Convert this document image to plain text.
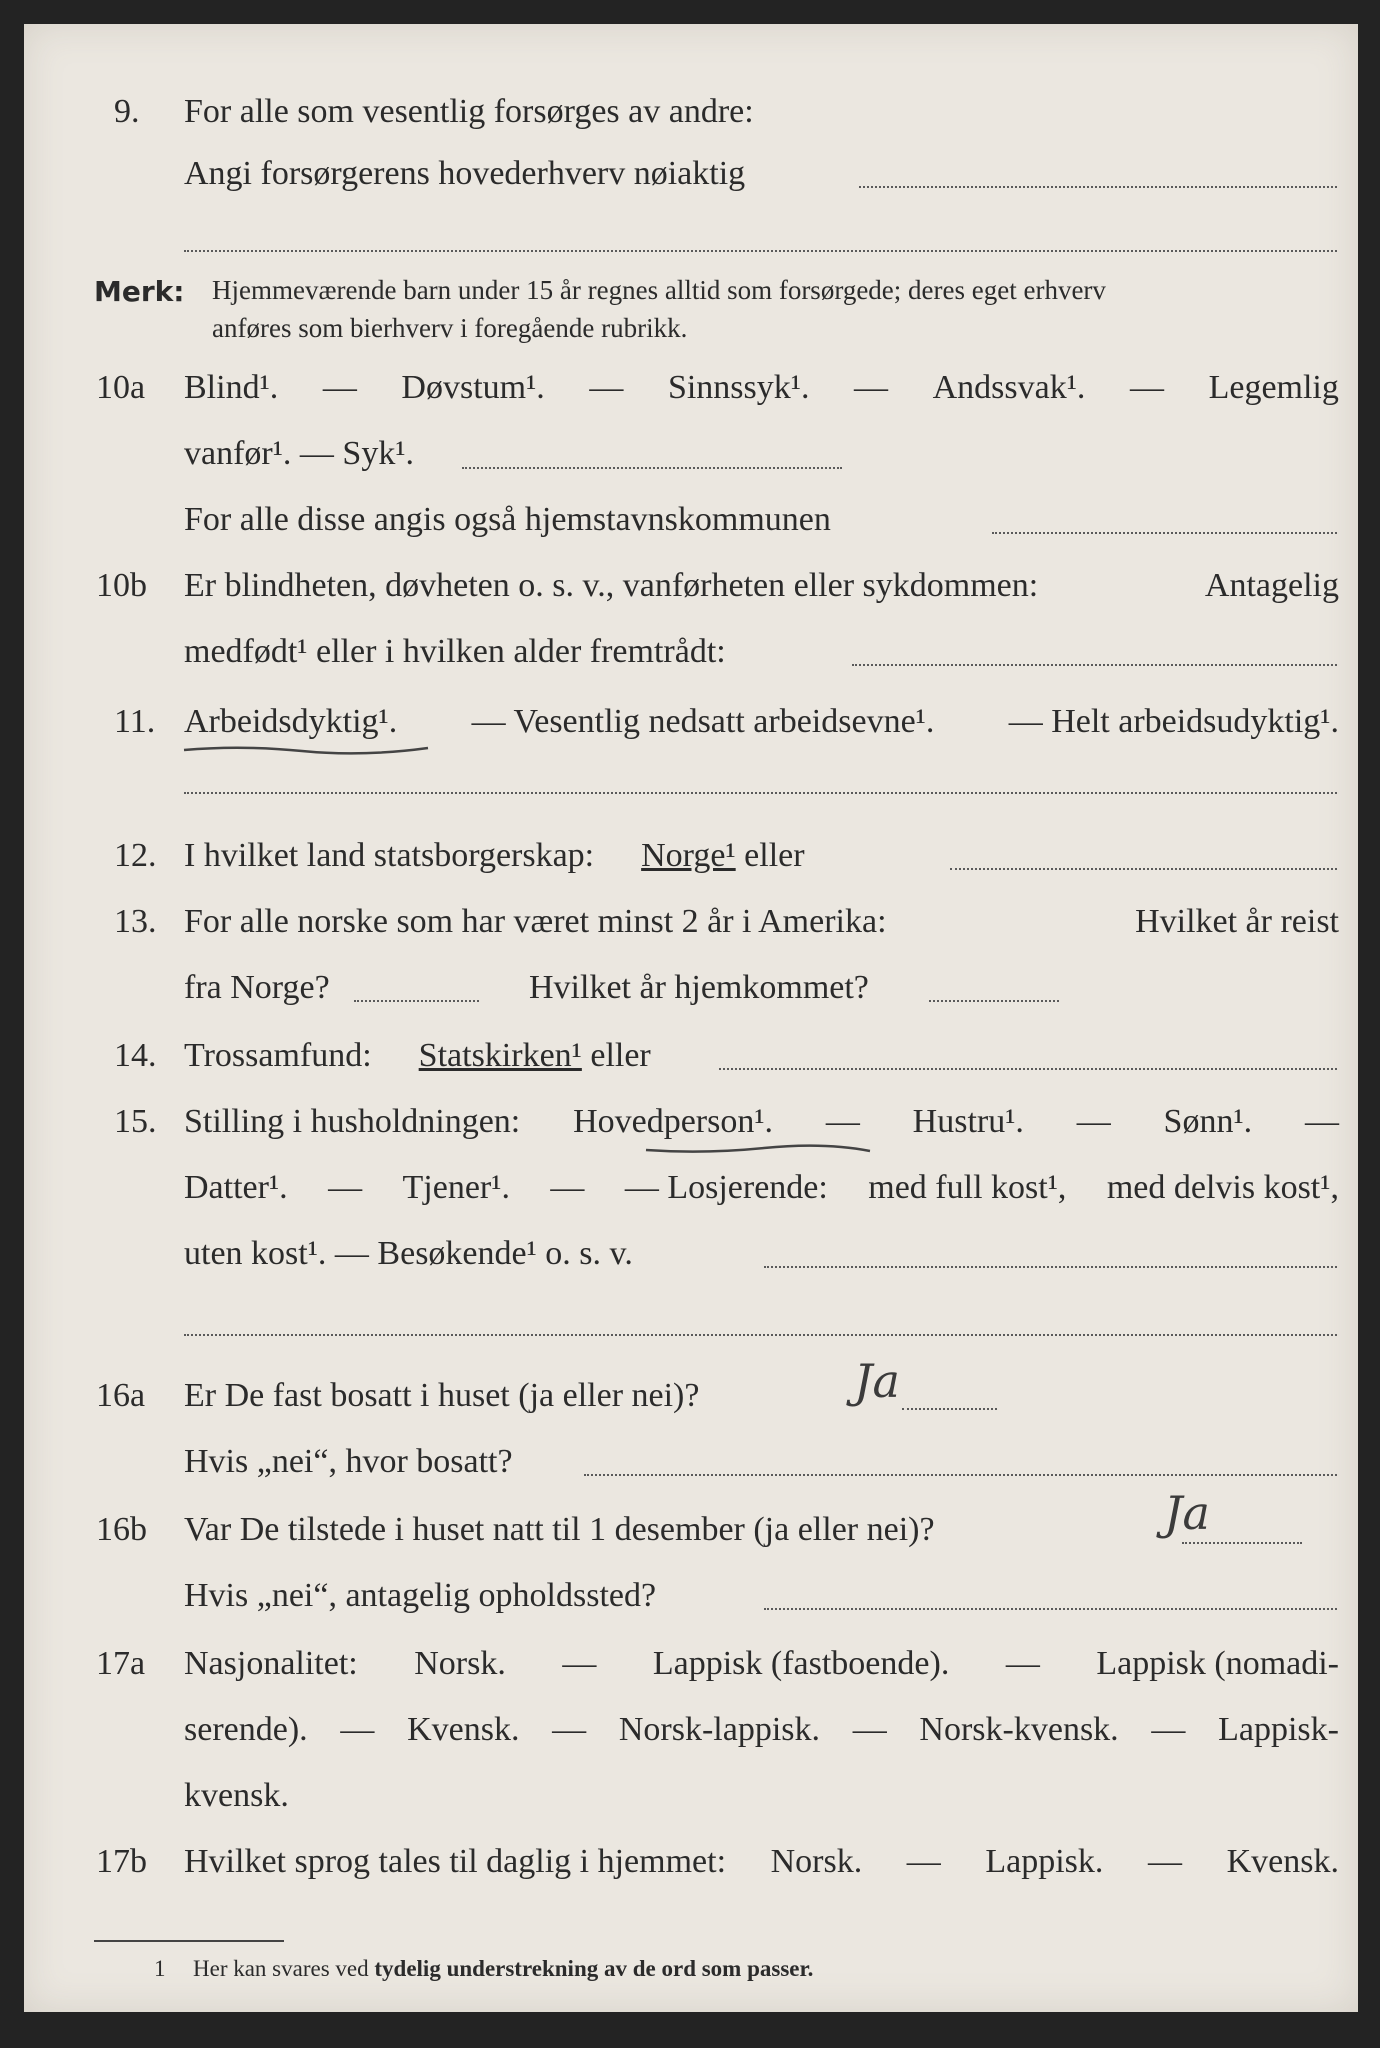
9. For alle som vesentlig forsørges av andre:
Angi forsørgerens hovederhverv nøiaktig
Merk: Hjemmeværende barn under 15 år regnes alltid som forsørgede; deres eget erhverv
anføres som bierhverv i foregående rubrikk.
10a Blind¹. — Døvstum¹. — Sinnssyk¹. — Andssvak¹. — Legemlig
vanfør¹. — Syk¹.
For alle disse angis også hjemstavnskommunen
10b Er blindheten, døvheten o. s. v., vanførheten eller sykdommen:	Antagelig
medfødt¹ eller i hvilken alder fremtrådt:
11. Arbeidsdyktig¹. — Vesentlig nedsatt arbeidsevne¹. — Helt arbeidsudyktig¹.
12. I hvilket land statsborgerskap: Norge¹ eller
13. For alle norske som har været minst 2 år i Amerika:	Hvilket år reist
fra Norge?	Hvilket år hjemkommet?
14. Trossamfund: Statskirken¹ eller
15. Stilling i husholdningen: Hovedperson¹. — Hustru¹. — Sønn¹. —
Datter¹. — Tjener¹. — — Losjerende: med full kost¹, med delvis kost¹,
uten kost¹. — Besøkende¹ o. s. v.
16a Er De fast bosatt i huset (ja eller nei)?	Ja
Hvis „nei“, hvor bosatt?
16b Var De tilstede i huset natt til 1 desember (ja eller nei)?	Ja
Hvis „nei“, antagelig opholdssted?
17a Nasjonalitet: Norsk. — Lappisk (fastboende). — Lappisk (nomadi-
serende). — Kvensk. — Norsk-lappisk. — Norsk-kvensk. — Lappisk-
kvensk.
17b Hvilket sprog tales til daglig i hjemmet: Norsk. — Lappisk. — Kvensk.
1 Her kan svares ved tydelig understrekning av de ord som passer.
